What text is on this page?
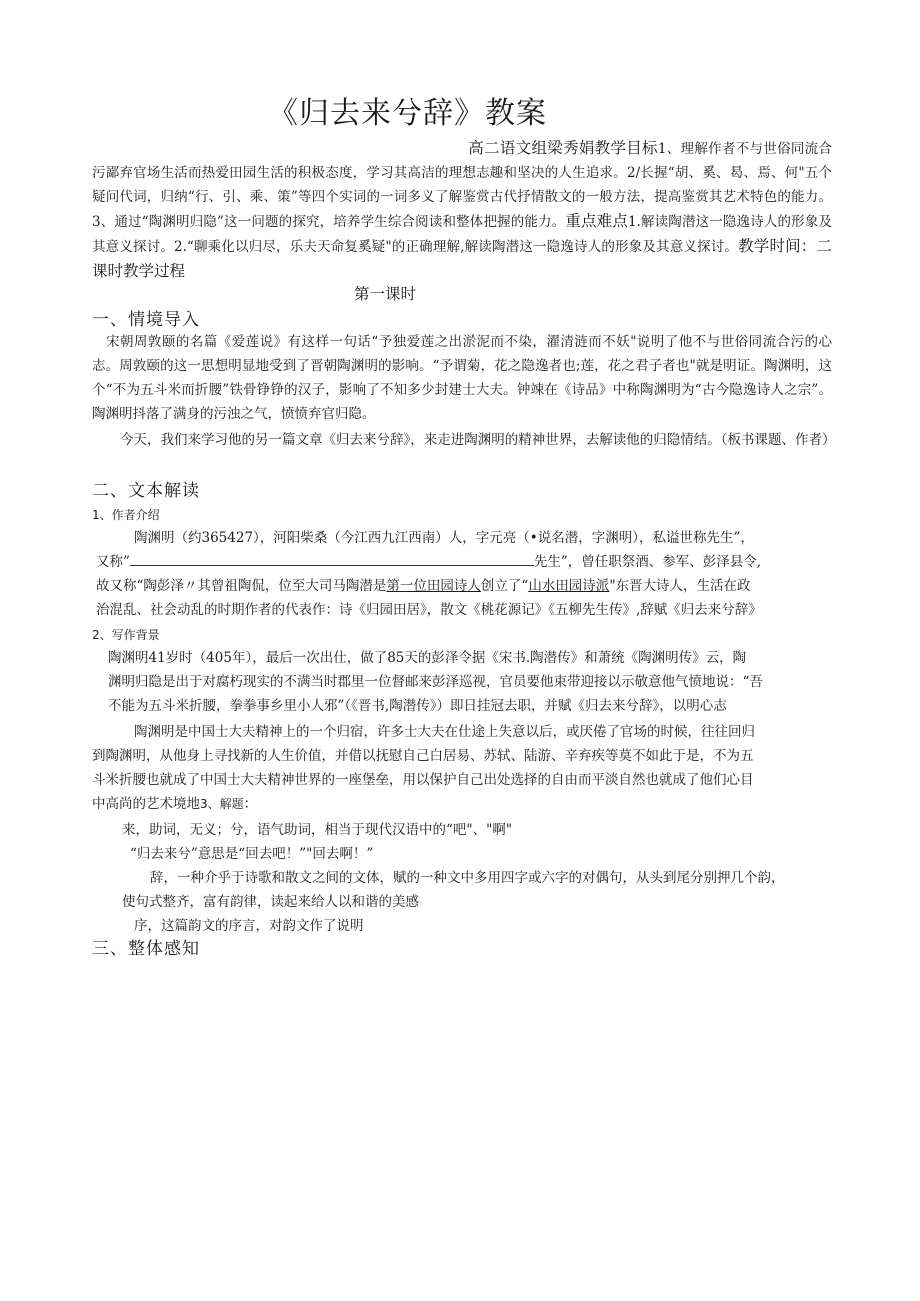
《归去来兮辞》教案
高二语文组梁秀娟教学目标1、理解作者不与世俗同流合污鄙弃官场生活而热爱田园生活的积极态度，学习其高洁的理想志趣和坚决的人生追求。2/长握“胡、奚、曷、焉、何"五个疑问代词，归纳“行、引、乘、策”等四个实词的一词多义了解鉴赏古代抒情散文的一般方法，提高鉴赏其艺术特色的能力。3、通过“陶渊明归隐”这一问题的探究，培养学生综合阅读和整体把握的能力。重点难点1.解读陶潜这一隐逸诗人的形象及其意义探讨。2.“聊乘化以归尽，乐夫天命复奚疑"的正确理解,解读陶潜这一隐逸诗人的形象及其意义探讨。教学时间：二课时教学过程
第一课时
一、情境导入
宋朝周敦颐的名篇《爱莲说》有这样一句话“予独爱莲之出淤泥而不染，濯清涟而不妖"说明了他不与世俗同流合污的心志。周敦颐的这一思想明显地受到了晋朝陶渊明的影响。“予谓菊，花之隐逸者也;莲，花之君子者也"就是明证。陶渊明，这个“不为五斗米而折腰”铁骨铮铮的汉子，影响了不知多少封建士大夫。钟竦在《诗品》中称陶渊明为“古今隐逸诗人之宗”。陶渊明抖落了满身的污浊之气，愤愤弃官归隐。
今天，我们来学习他的另一篇文章《归去来兮辞》，来走进陶渊明的精神世界，去解读他的归隐情结。（板书课题、作者）
二、文本解读
1、作者介绍
陶渊明（约365427），河阳柴桑（今江西九江西南）人，字元亮（•说名潜，字渊明），私谥世称先生”，
又称”	先生”，曾任职祭酒、参军、彭泽县令,
故又称“陶彭泽〃其曾祖陶侃，位至大司马陶潜是第一位田园诗人创立了“山水田园诗派"东晋大诗人，生活在政
治混乱、社会动乱的时期作者的代表作：诗《归园田居》，散文《桃花源记》《五柳先生传》,辞赋《归去来兮辞》
2、写作背景
陶渊明41岁时（405年），最后一次出仕，做了85天的彭泽令据《宋书.陶潜传》和萧统《陶渊明传》云，陶
渊明归隐是出于对腐朽现实的不满当时郡里一位督邮来彭泽巡视，官员要他束带迎接以示敬意他气愤地说：“吾
不能为五斗米折腰，拳拳事乡里小人邪”（《晋书,陶潜传》）即日挂冠去职，并赋《归去来兮辞》，以明心志
陶渊明是中国士大夫精神上的一个归宿，许多士大夫在仕途上失意以后，或厌倦了官场的时候，往往回归
到陶渊明，从他身上寻找新的人生价值，并借以抚慰自己白居易、苏轼、陆游、辛弃疾等莫不如此于是，不为五
斗米折腰也就成了中国士大夫精神世界的一座堡垒，用以保护自己出处选择的自由而平淡自然也就成了他们心目
中高尚的艺术境地3、解题：
来，助词，无义；兮，语气助词，相当于现代汉语中的“吧"、"啊"
“归去来兮”意思是“回去吧！”"回去啊！”
辞，一种介乎于诗歌和散文之间的文体，赋的一种文中多用四字或六字的对偶句，从头到尾分别押几个韵，
使句式整齐，富有韵律，读起来给人以和谐的美感
序，这篇韵文的序言，对韵文作了说明
三、整体感知
